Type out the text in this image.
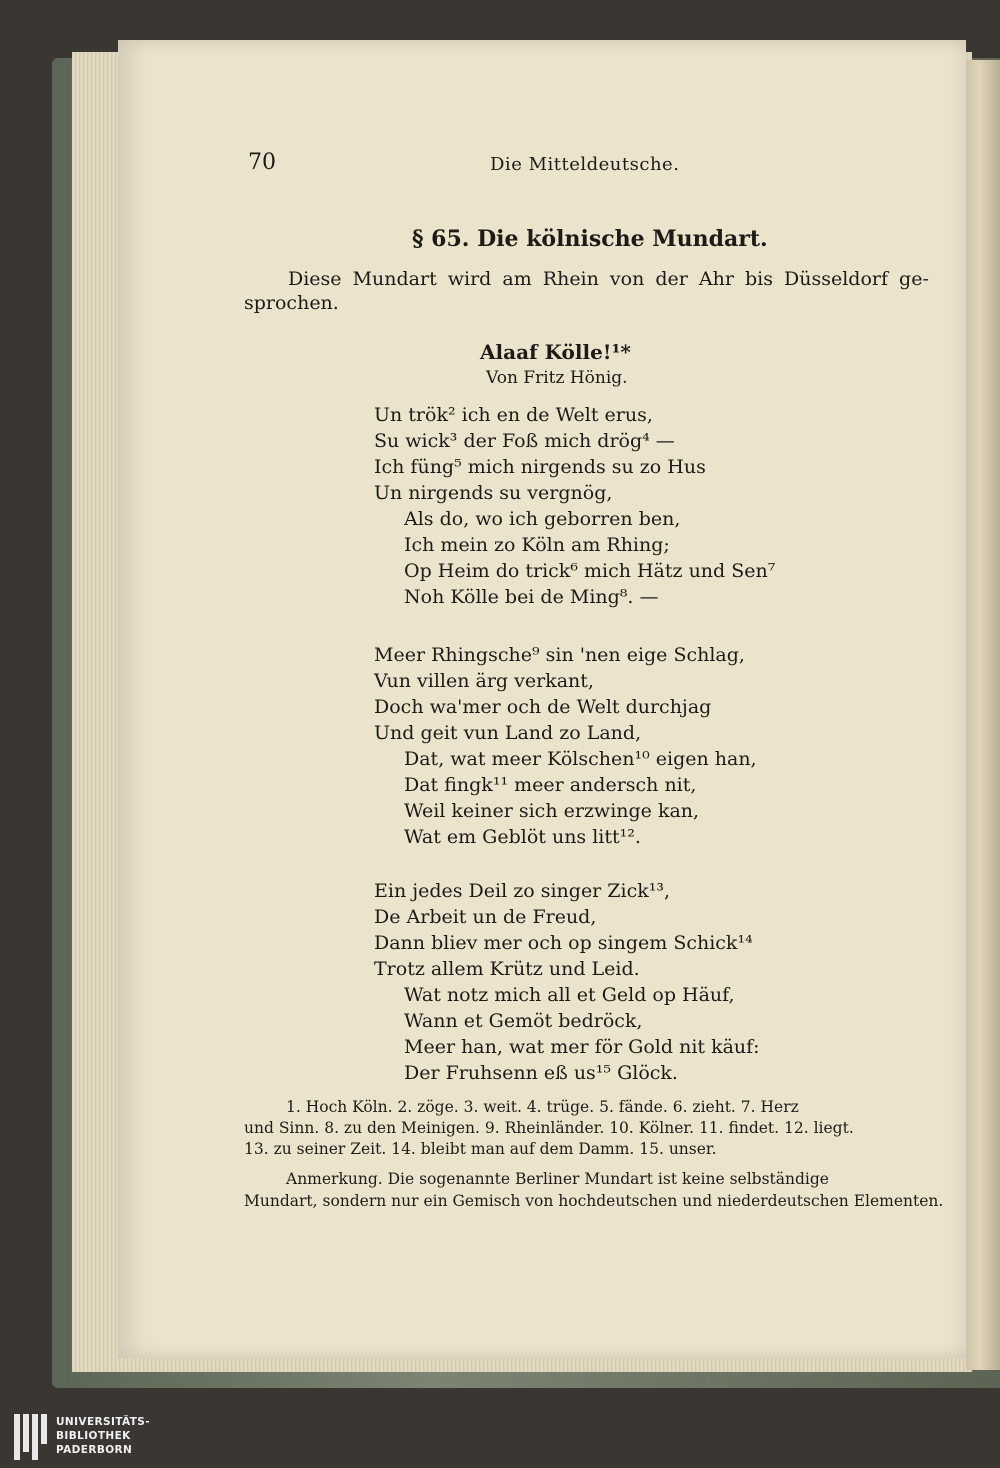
70	Die Mitteldeutsche.
§ 65. Die kölnische Mundart.
Diese Mundart wird am Rhein von der Ahr bis Düsseldorf ge-
sprochen.
Alaaf Kölle!¹*
Von Fritz Hönig.
Un trök² ich en de Welt erus,
Su wick³ der Foß mich drög⁴ —
Ich füng⁵ mich nirgends su zo Hus
Un nirgends su vergnög,
Als do, wo ich geborren ben,
Ich mein zo Köln am Rhing;
Op Heim do trick⁶ mich Hätz und Sen⁷
Noh Kölle bei de Ming⁸. —
Meer Rhingsche⁹ sin 'nen eige Schlag,
Vun villen ärg verkant,
Doch wa'mer och de Welt durchjag
Und geit vun Land zo Land,
Dat, wat meer Kölschen¹⁰ eigen han,
Dat fingk¹¹ meer andersch nit,
Weil keiner sich erzwinge kan,
Wat em Geblöt uns litt¹².
Ein jedes Deil zo singer Zick¹³,
De Arbeit un de Freud,
Dann bliev mer och op singem Schick¹⁴
Trotz allem Krütz und Leid.
Wat notz mich all et Geld op Häuf,
Wann et Gemöt bedröck,
Meer han, wat mer för Gold nit käuf:
Der Fruhsenn eß us¹⁵ Glöck.
1. Hoch Köln. 2. zöge. 3. weit. 4. trüge. 5. fände. 6. zieht. 7. Herz
und Sinn. 8. zu den Meinigen. 9. Rheinländer. 10. Kölner. 11. findet. 12. liegt.
13. zu seiner Zeit. 14. bleibt man auf dem Damm. 15. unser.
Anmerkung. Die sogenannte Berliner Mundart ist keine selbständige
Mundart, sondern nur ein Gemisch von hochdeutschen und niederdeutschen Elementen.
UNIVERSITÄTS-
BIBLIOTHEK
PADERBORN
